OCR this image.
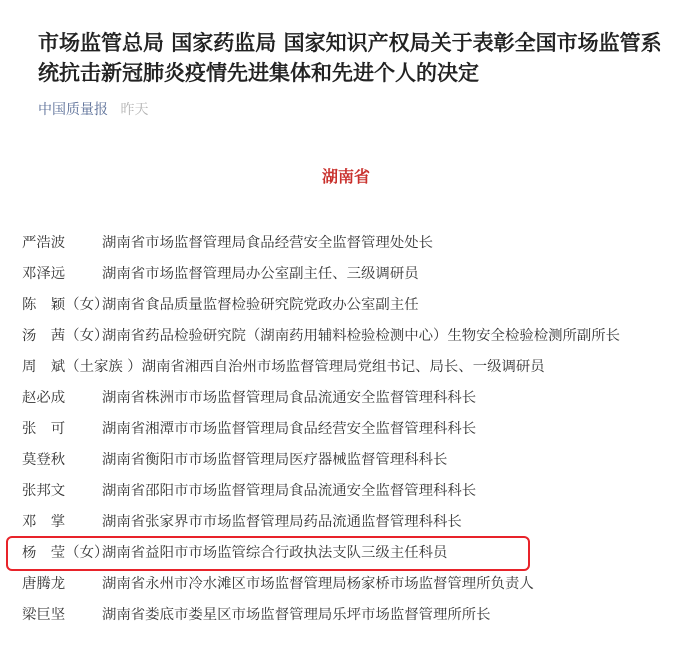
市场监管总局 国家药监局 国家知识产权局关于表彰全国市场监管系统抗击新冠肺炎疫情先进集体和先进个人的决定
中国质量报 昨天
湖南省
严浩波	湖南省市场监督管理局食品经营安全监督管理处处长
邓泽远	湖南省市场监督管理局办公室副主任、三级调研员
陈　颖（女）湖南省食品质量监督检验研究院党政办公室副主任
汤　茜（女）湖南省药品检验研究院（湖南药用辅料检验检测中心）生物安全检验检测所副所长
周　斌（土家族 ）湖南省湘西自治州市场监督管理局党组书记、局长、一级调研员
赵必成	湖南省株洲市市场监督管理局食品流通安全监督管理科科长
张　可	湖南省湘潭市市场监督管理局食品经营安全监督管理科科长
莫登秋	湖南省衡阳市市场监督管理局医疗器械监督管理科科长
张邦文	湖南省邵阳市市场监督管理局食品流通安全监督管理科科长
邓　掌	湖南省张家界市市场监督管理局药品流通监督管理科科长
杨　莹（女）湖南省益阳市市场监管综合行政执法支队三级主任科员
唐腾龙	湖南省永州市冷水滩区市场监督管理局杨家桥市场监督管理所负责人
梁巨坚	湖南省娄底市娄星区市场监督管理局乐坪市场监督管理所所长
